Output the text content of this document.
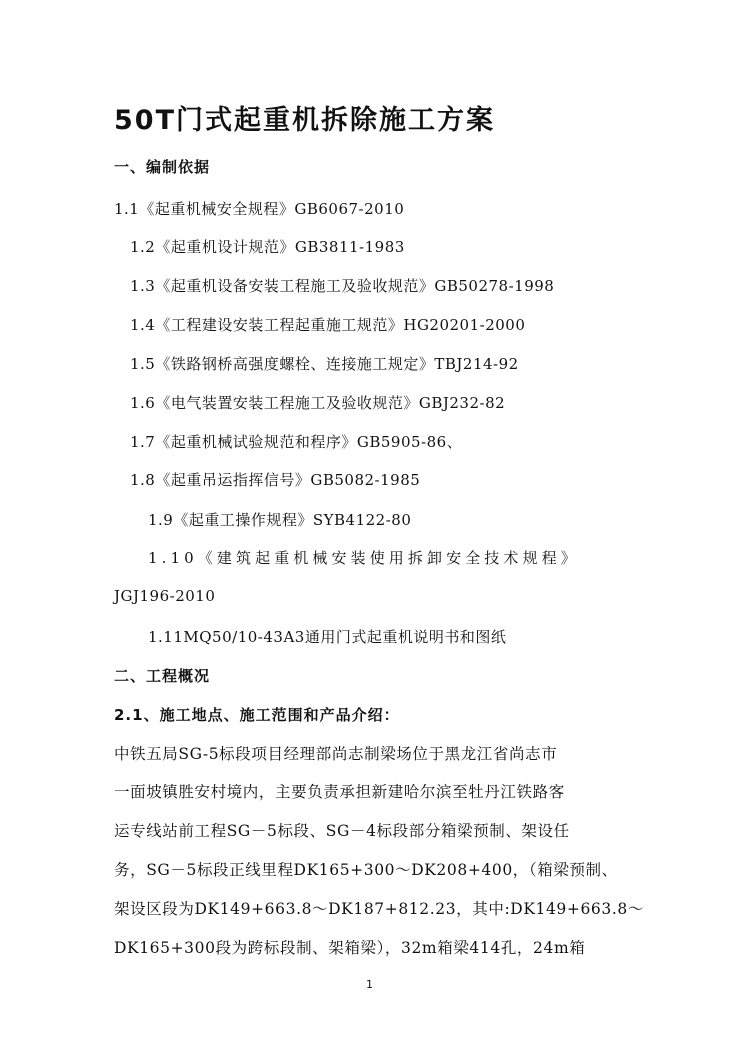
50T门式起重机拆除施工方案
一、编制依据
1.1《起重机械安全规程》GB6067-2010
1.2《起重机设计规范》GB3811-1983
1.3《起重机设备安装工程施工及验收规范》GB50278-1998
1.4《工程建设安装工程起重施工规范》HG20201-2000
1.5《铁路钢桥高强度螺栓、连接施工规定》TBJ214-92
1.6《电气装置安装工程施工及验收规范》GBJ232-82
1.7《起重机械试验规范和程序》GB5905-86、
1.8《起重吊运指挥信号》GB5082-1985
1.9《起重工操作规程》SYB4122-80
1.10《建筑起重机械安装使用拆卸安全技术规程》
JGJ196-2010
1.11MQ50/10-43A3通用门式起重机说明书和图纸
二、工程概况
2.1、施工地点、施工范围和产品介绍：
中铁五局SG-5标段项目经理部尚志制梁场位于黑龙江省尚志市
一面坡镇胜安村境内，主要负责承担新建哈尔滨至牡丹江铁路客
运专线站前工程SG－5标段、SG－4标段部分箱梁预制、架设任
务，SG－5标段正线里程DK165+300～DK208+400，（箱梁预制、
架设区段为DK149+663.8～DK187+812.23，其中:DK149+663.8～
DK165+300段为跨标段制、架箱梁），32m箱梁414孔，24m箱
1
